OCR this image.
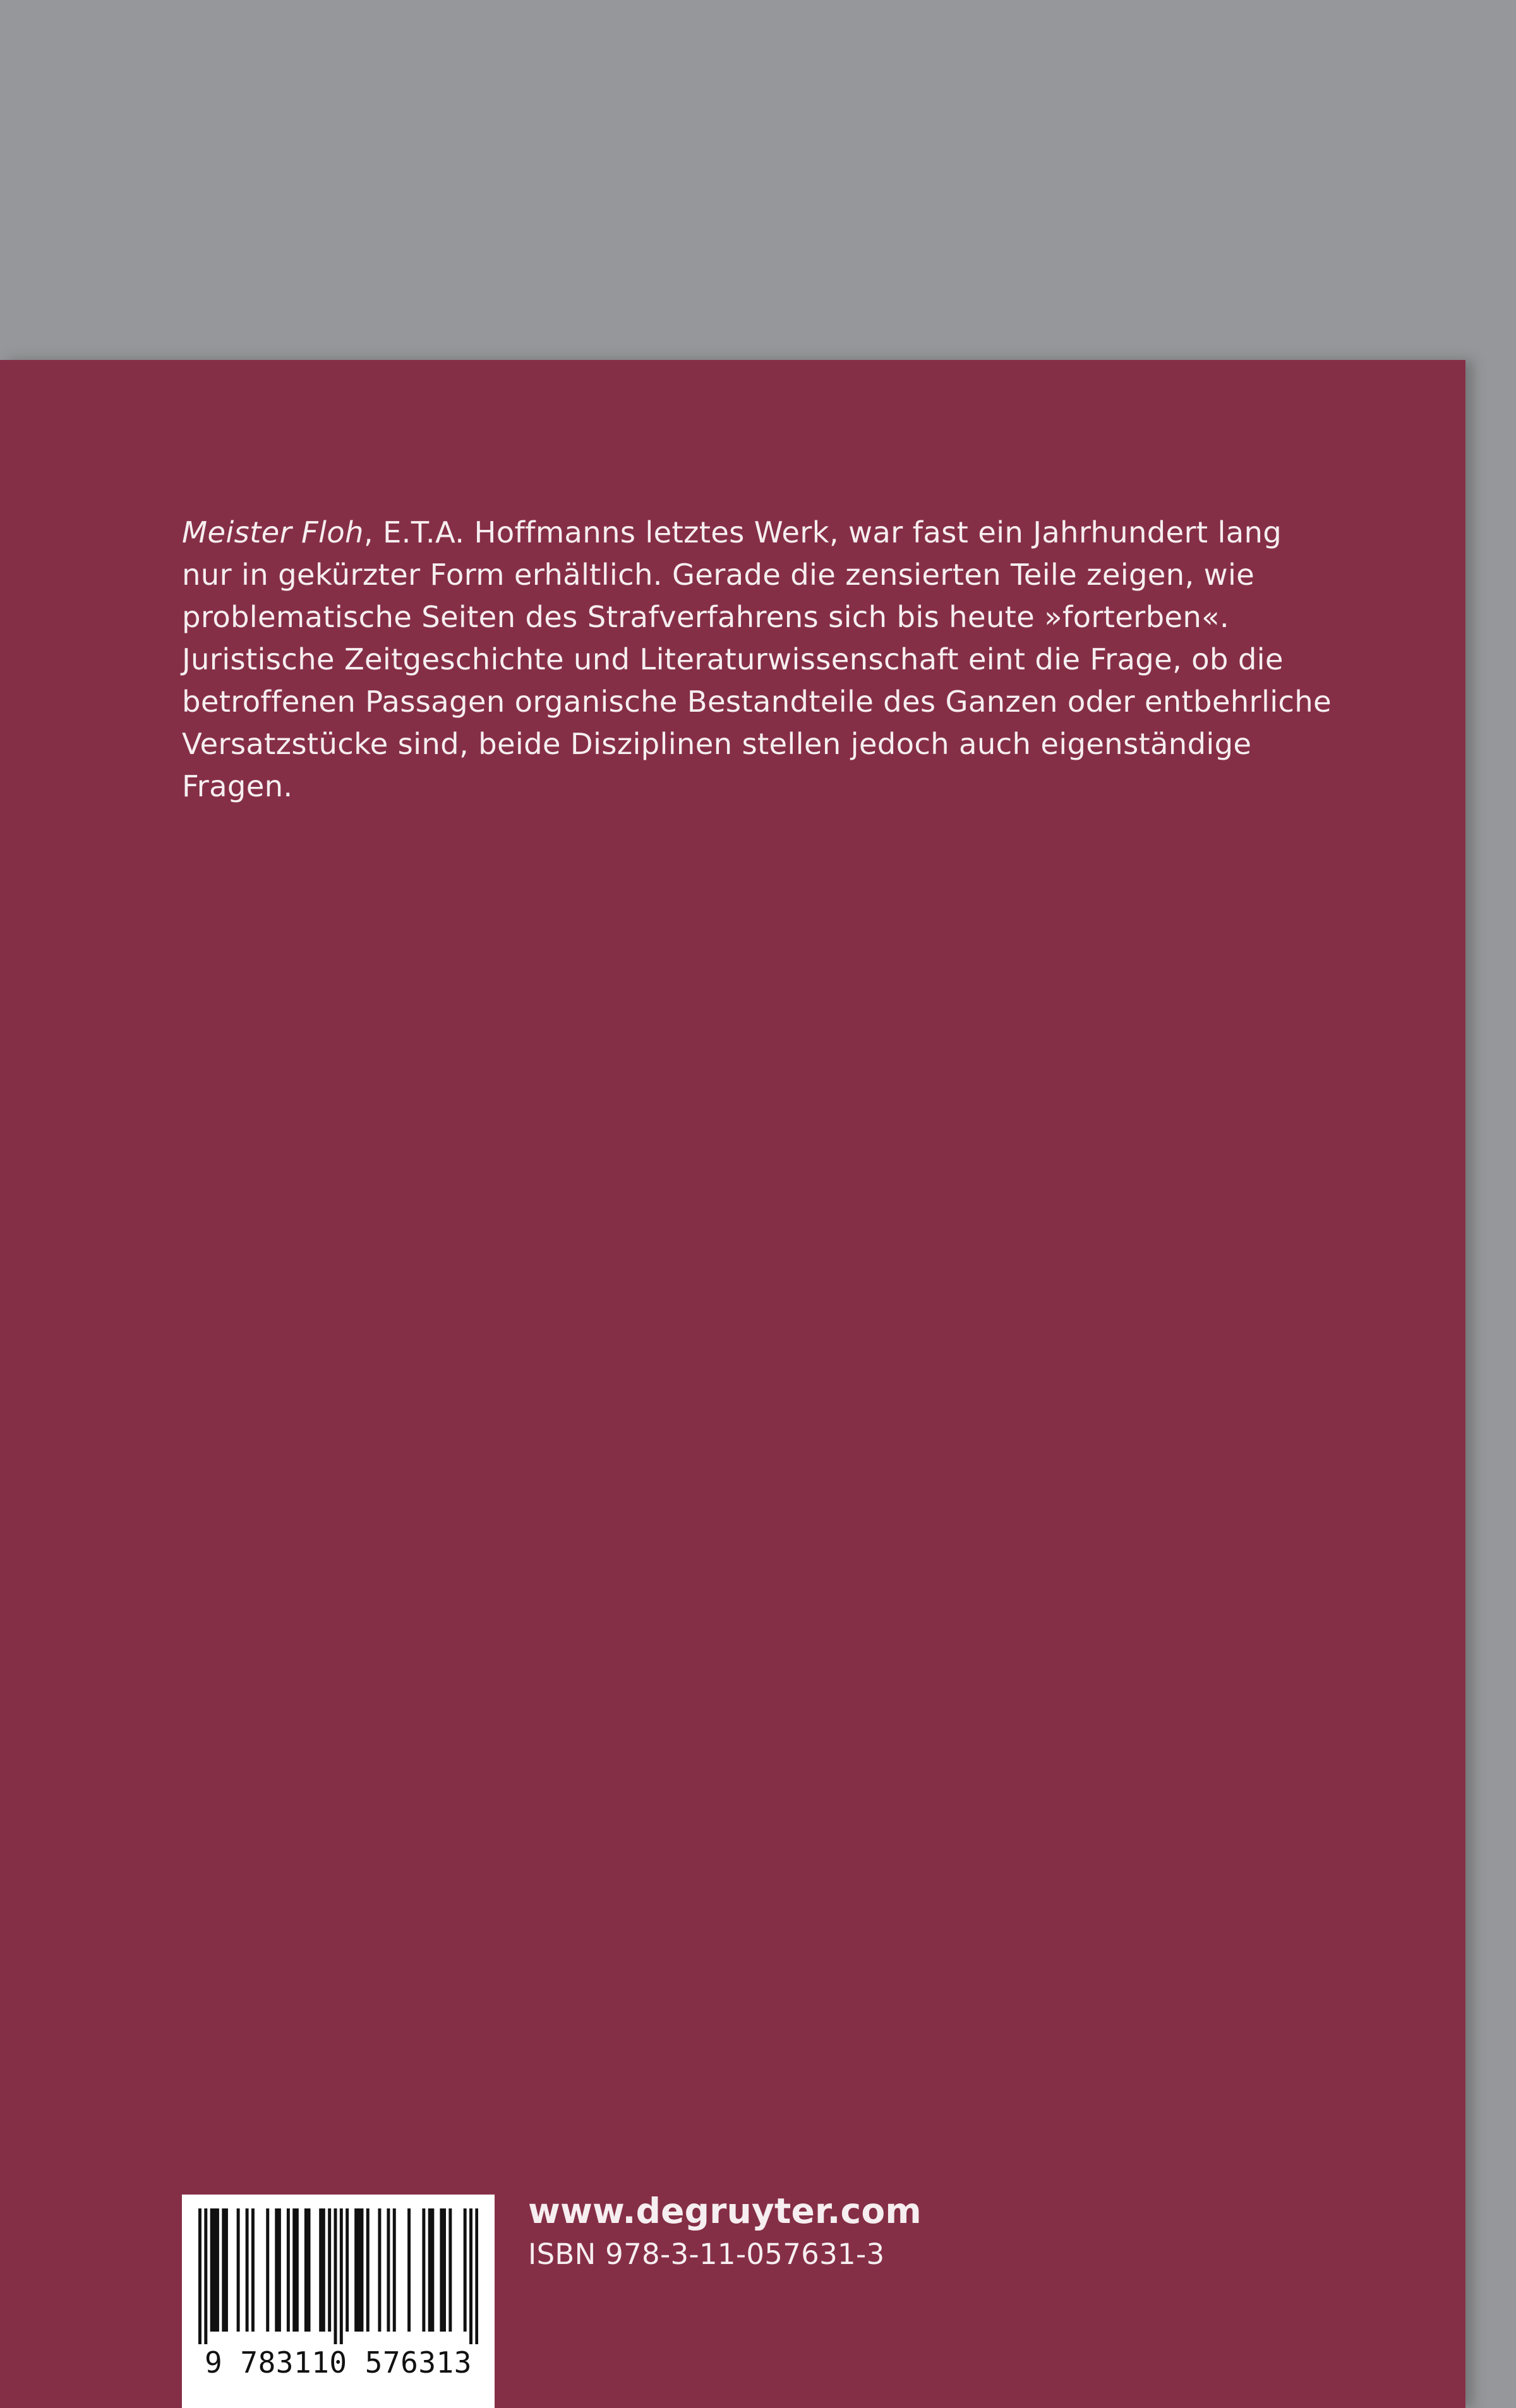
Meister Floh, E.T.A. Hoffmanns letztes Werk, war fast ein Jahrhundert lang nur in gekürzter Form erhältlich. Gerade die zensierten Teile zeigen, wie problematische Seiten des Strafverfahrens sich bis heute »forterben«. Juristische Zeitgeschichte und Literaturwissenschaft eint die Frage, ob die betroffenen Passagen organische Bestandteile des Ganzen oder entbehrliche Versatzstücke sind, beide Disziplinen stellen jedoch auch eigenständige Fragen.

9 783110 576313
www.degruyter.com
ISBN 978-3-11-057631-3
